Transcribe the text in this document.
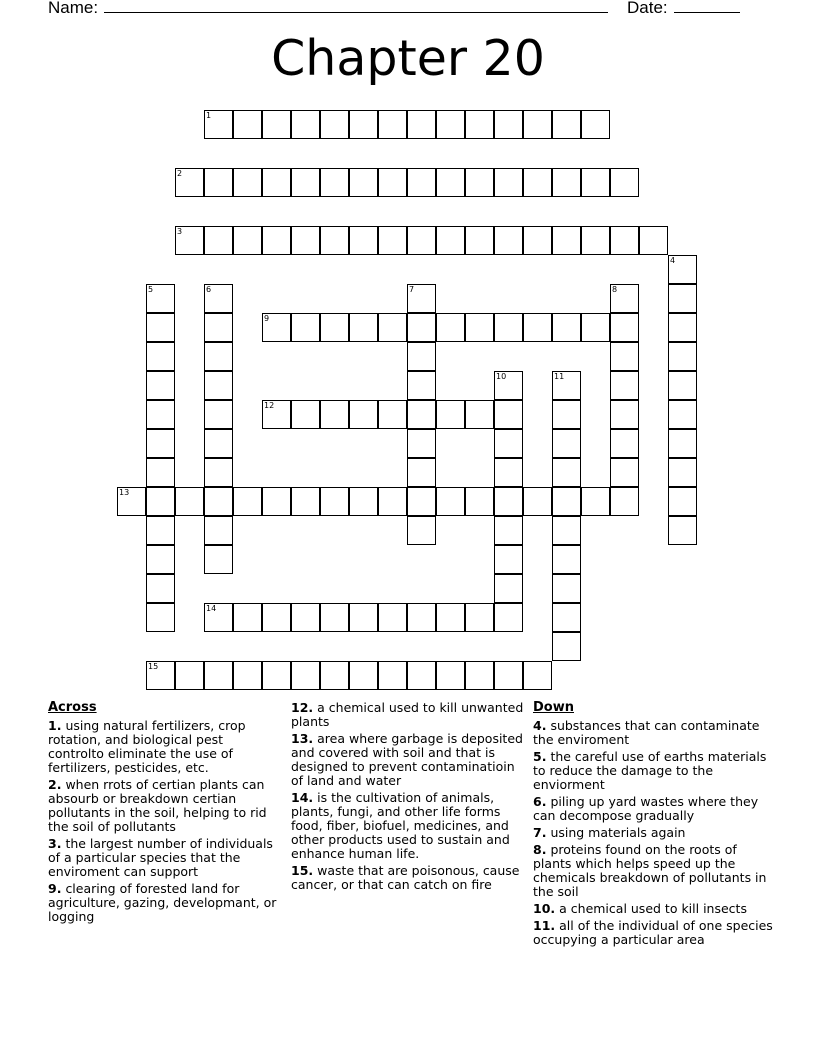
Name:	Date:
Chapter 20
1
2
3
4
5	6	7	8
9
10	11
12
13
14
15
Across
1. using natural fertilizers, crop rotation, and biological pest controlto eliminate the use of fertilizers, pesticides, etc.
2. when rrots of certian plants can absourb or breakdown certian pollutants in the soil, helping to rid the soil of pollutants
3. the largest number of individuals of a particular species that the enviroment can support
9. clearing of forested land for agriculture, gazing, developmant, or logging
12. a chemical used to kill unwanted plants
13. area where garbage is deposited and covered with soil and that is designed to prevent contaminatioin of land and water
14. is the cultivation of animals, plants, fungi, and other life forms food, fiber, biofuel, medicines, and other products used to sustain and enhance human life.
15. waste that are poisonous, cause cancer, or that can catch on fire
Down
4. substances that can contaminate the enviroment
5. the careful use of earths materials to reduce the damage to the enviorment
6. piling up yard wastes where they can decompose gradually
7. using materials again
8. proteins found on the roots of plants which helps speed up the chemicals breakdown of pollutants in the soil
10. a chemical used to kill insects
11. all of the individual of one species occupying a particular area
